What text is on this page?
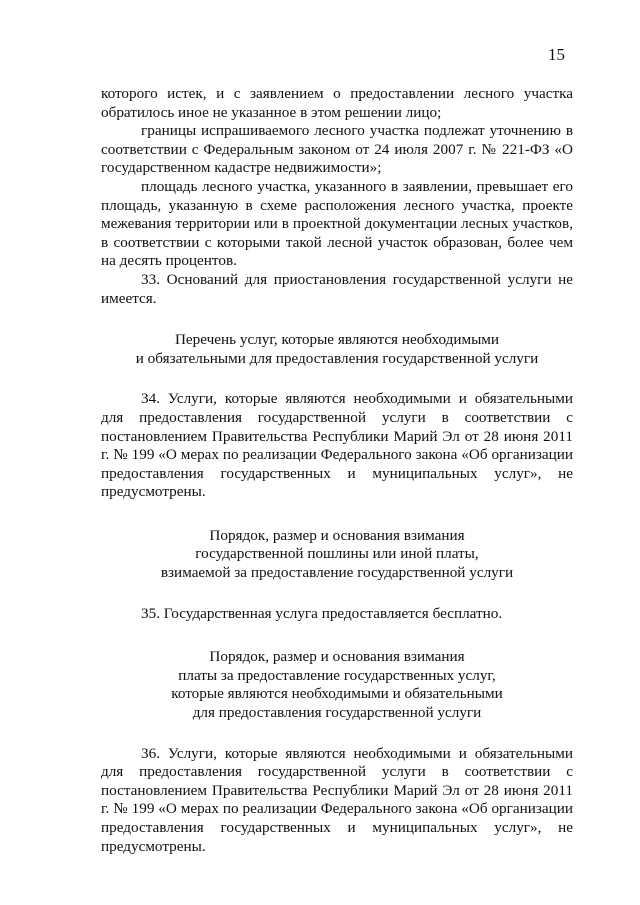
15

которого истек, и с заявлением о предоставлении лесного участка обратилось иное не указанное в этом решении лицо;

границы испрашиваемого лесного участка подлежат уточнению в соответствии с Федеральным законом от 24 июля 2007 г. № 221-ФЗ «О государственном кадастре недвижимости»;

площадь лесного участка, указанного в заявлении, превышает его площадь, указанную в схеме расположения лесного участка, проекте межевания территории или в проектной документации лесных участков, в соответствии с которыми такой лесной участок образован, более чем на десять процентов.

33. Оснований для приостановления государственной услуги не имеется.

Перечень услуг, которые являются необходимыми
и обязательными для предоставления государственной услуги

34. Услуги, которые являются необходимыми и обязательными для предоставления государственной услуги в соответствии с постановлением Правительства Республики Марий Эл от 28 июня 2011 г. № 199 «О мерах по реализации Федерального закона «Об организации предоставления государственных и муниципальных услуг», не предусмотрены.

Порядок, размер и основания взимания
государственной пошлины или иной платы,
взимаемой за предоставление государственной услуги

35. Государственная услуга предоставляется бесплатно.

Порядок, размер и основания взимания
платы за предоставление государственных услуг,
которые являются необходимыми и обязательными
для предоставления государственной услуги

36. Услуги, которые являются необходимыми и обязательными для предоставления государственной услуги в соответствии с постановлением Правительства Республики Марий Эл от 28 июня 2011 г. № 199 «О мерах по реализации Федерального закона «Об организации предоставления государственных и муниципальных услуг», не предусмотрены.
